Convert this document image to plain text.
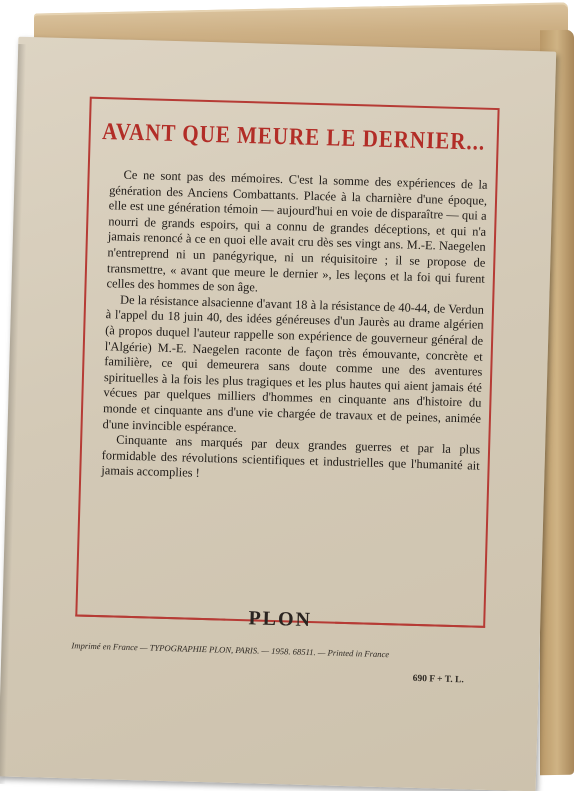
AVANT QUE MEURE LE DERNIER...

Ce ne sont pas des mémoires. C'est la somme des expériences de la génération des Anciens Combattants. Placée à la charnière d'une époque, elle est une génération témoin — aujourd'hui en voie de disparaître — qui a nourri de grands espoirs, qui a connu de grandes déceptions, et qui n'a jamais renoncé à ce en quoi elle avait cru dès ses vingt ans. M.-E. Naegelen n'entreprend ni un panégyrique, ni un réquisitoire ; il se propose de transmettre, « avant que meure le dernier », les leçons et la foi qui furent celles des hommes de son âge.

De la résistance alsacienne d'avant 18 à la résistance de 40-44, de Verdun à l'appel du 18 juin 40, des idées généreuses d'un Jaurès au drame algérien (à propos duquel l'auteur rappelle son expérience de gouverneur général de l'Algérie) M.-E. Naegelen raconte de façon très émouvante, concrète et familière, ce qui demeurera sans doute comme une des aventures spirituelles à la fois les plus tragiques et les plus hautes qui aient jamais été vécues par quelques milliers d'hommes en cinquante ans d'histoire du monde et cinquante ans d'une vie chargée de travaux et de peines, animée d'une invincible espérance.

Cinquante ans marqués par deux grandes guerres et par la plus formidable des révolutions scientifiques et industrielles que l'humanité ait jamais accomplies !

PLON
Imprimé en France — TYPOGRAPHIE PLON, PARIS. — 1958. 68511. — Printed in France
690 F + T. L.
